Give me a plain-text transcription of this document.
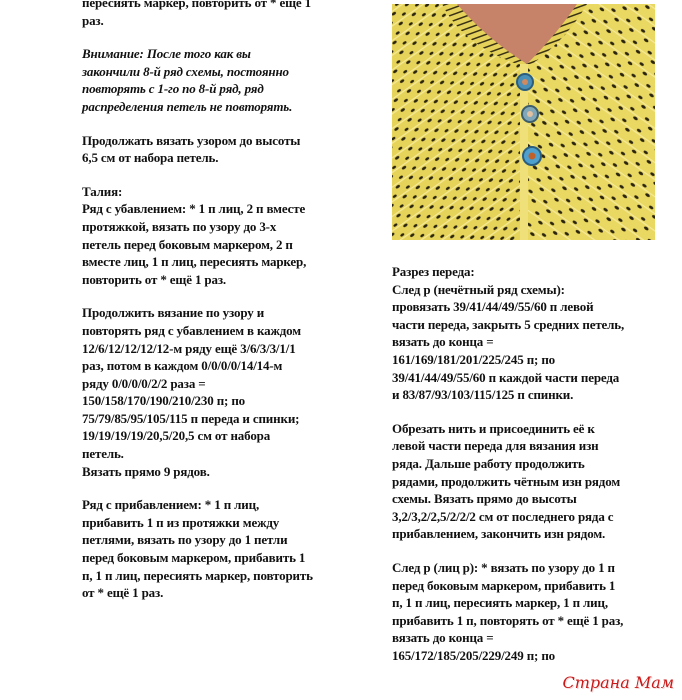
пересиять маркер, повторить от * ещё 1

раз.

Внимание: После того как вы

закончили 8-й ряд схемы, постоянно

повторять с 1-го по 8-й ряд, ряд

распределения петель не повторять.

Продолжать вязать узором до высоты

6,5 см от набора петель.

Талия:

Ряд с убавлением: * 1 п лиц, 2 п вместе

протяжкой, вязать по узору до 3-х

петель перед боковым маркером, 2 п

вместе лиц, 1 п лиц, пересиять маркер,

повторить от * ещё 1 раз.

Продолжить вязание по узору и

повторять ряд с убавлением в каждом

12/6/12/12/12/12-м ряду ещё 3/6/3/3/1/1

раз, потом в каждом 0/0/0/0/14/14-м

ряду 0/0/0/0/2/2 раза =

150/158/170/190/210/230 п; по

75/79/85/95/105/115 п переда и спинки;

19/19/19/19/20,5/20,5 см от набора

петель.

Вязать прямо 9 рядов.

Ряд с прибавлением: * 1 п лиц,

прибавить 1 п из протяжки между

петлями, вязать по узору до 1 петли

перед боковым маркером, прибавить 1

п, 1 п лиц, пересиять маркер, повторить

от * ещё 1 раз.

Разрез переда:

След р (нечётный ряд схемы):

провязать 39/41/44/49/55/60 п левой

части переда, закрыть 5 средних петель,

вязать до конца =

161/169/181/201/225/245 п; по

39/41/44/49/55/60 п каждой части переда

и 83/87/93/103/115/125 п спинки.

Обрезать нить и присоединить её к

левой части переда для вязания изн

ряда. Дальше работу продолжить

рядами, продолжить чётным изн рядом

схемы. Вязать прямо до высоты

3,2/3,2/2,5/2/2/2 см от последнего ряда с

прибавлением, закончить изн рядом.

След р (лиц р): * вязать по узору до 1 п

перед боковым маркером, прибавить 1

п, 1 п лиц, пересиять маркер, 1 п лиц,

прибавить 1 п, повторять от * ещё 1 раз,

вязать до конца =

165/172/185/205/229/249 п; по

Страна Мам
